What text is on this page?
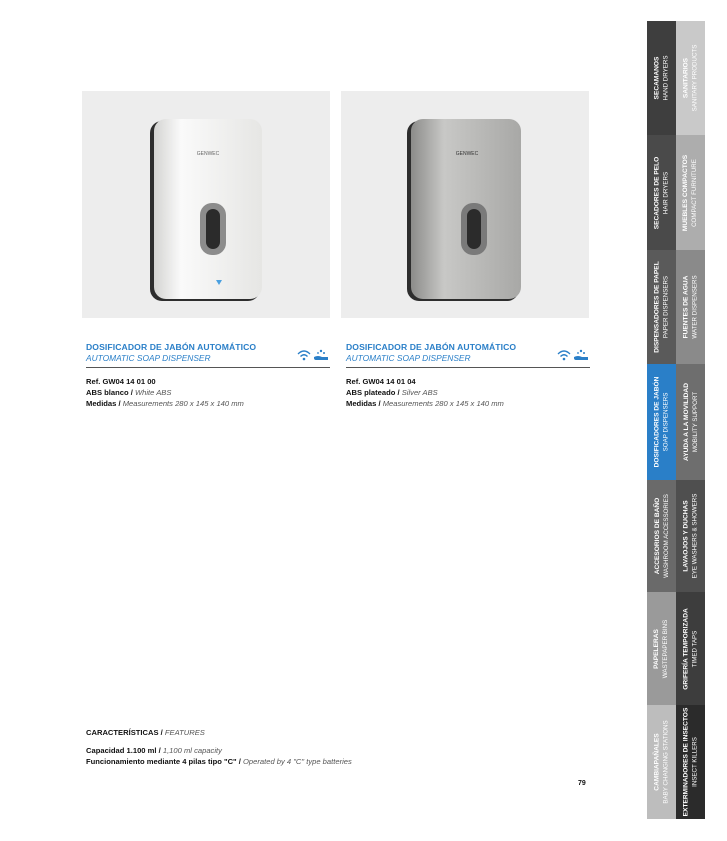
GENWEC	GENWEC
DOSIFICADOR DE JABÓN AUTOMÁTICO
AUTOMATIC SOAP DISPENSER
Ref. GW04 14 01 00
ABS blanco / White ABS
Medidas / Measurements 280 x 145 x 140 mm
DOSIFICADOR DE JABÓN AUTOMÁTICO
AUTOMATIC SOAP DISPENSER
Ref. GW04 14 01 04
ABS plateado / Silver ABS
Medidas / Measurements 280 x 145 x 140 mm
CARACTERÍSTICAS / FEATURES
Capacidad 1.100 ml / 1,100 ml capacity
Funcionamiento mediante 4 pilas tipo "C" / Operated by 4 "C" type batteries
79
SECAMANOS HAND DRYERS
SECADORES DE PELO HAIR DRYERS
DISPENSADORES DE PAPEL PAPER DISPENSERS
DOSIFICADORES DE JABÓN SOAP DISPENSERS
ACCESORIOS DE BAÑO WASHROOM ACCESSORIES
PAPELERAS WASTEPAPER BINS
CAMBIAPAÑALES BABY CHANGING STATIONS
SANITARIOS SANITARY PRODUCTS
MUEBLES COMPACTOS COMPACT FURNITURE
FUENTES DE AGUA WATER DISPENSERS
AYUDA A LA MOVILIDAD MOBILITY SUPPORT
LAVAOJOS Y DUCHAS EYE WASHERS & SHOWERS
GRIFERÍA TEMPORIZADA TIMED TAPS
EXTERMINADORES DE INSECTOS INSECT KILLERS
